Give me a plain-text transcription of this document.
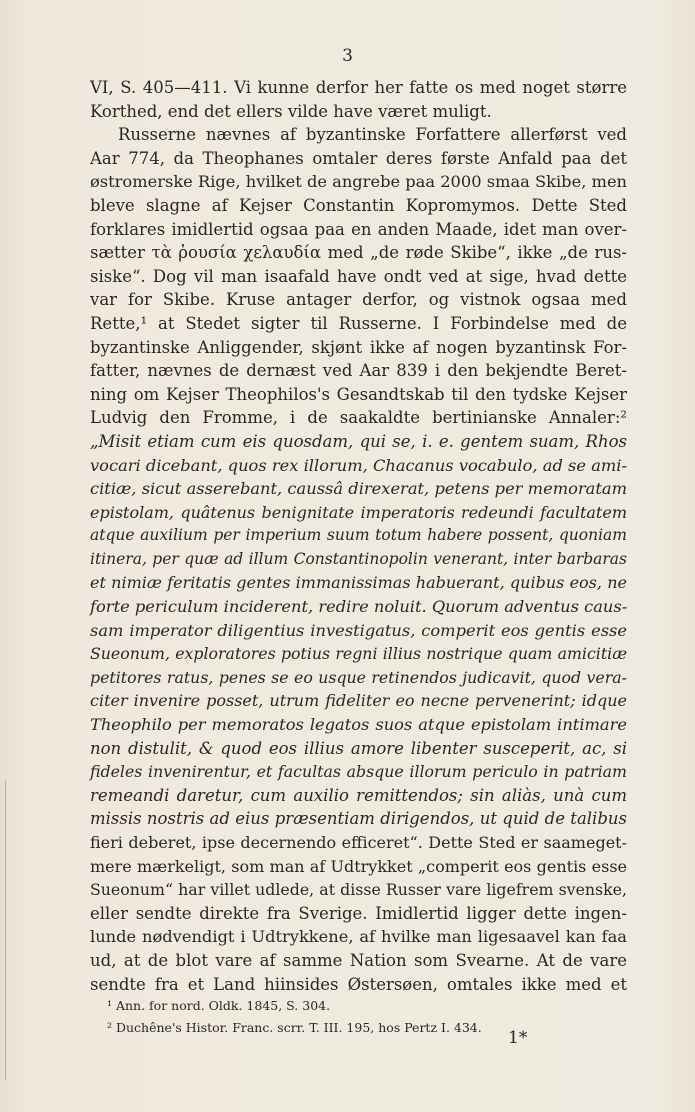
3
VI, S. 405—411. Vi kunne derfor her fatte os med noget større
Korthed, end det ellers vilde have været muligt.
Russerne nævnes af byzantinske Forfattere allerførst ved
Aar 774, da Theophanes omtaler deres første Anfald paa det
østromerske Rige, hvilket de angrebe paa 2000 smaa Skibe, men
bleve slagne af Kejser Constantin Kopromymos. Dette Sted
forklares imidlertid ogsaa paa en anden Maade, idet man over-
sætter τὰ ῥουσία χελαυδία med „de røde Skibe“, ikke „de rus-
siske“. Dog vil man isaafald have ondt ved at sige, hvad dette
var for Skibe. Kruse antager derfor, og vistnok ogsaa med
Rette,¹ at Stedet sigter til Russerne. I Forbindelse med de
byzantinske Anliggender, skjønt ikke af nogen byzantinsk For-
fatter, nævnes de dernæst ved Aar 839 i den bekjendte Beret-
ning om Kejser Theophilos's Gesandtskab til den tydske Kejser
Ludvig den Fromme, i de saakaldte bertinianske Annaler:²
„Misit etiam cum eis quosdam, qui se, i. e. gentem suam, Rhos
vocari dicebant, quos rex illorum, Chacanus vocabulo, ad se ami-
citiæ, sicut asserebant, caussâ direxerat, petens per memoratam
epistolam, quâtenus benignitate imperatoris redeundi facultatem
atque auxilium per imperium suum totum habere possent, quoniam
itinera, per quæ ad illum Constantinopolin venerant, inter barbaras
et nimiæ feritatis gentes immanissimas habuerant, quibus eos, ne
forte periculum inciderent, redire noluit. Quorum adventus caus-
sam imperator diligentius investigatus, comperit eos gentis esse
Sueonum, exploratores potius regni illius nostrique quam amicitiæ
petitores ratus, penes se eo usque retinendos judicavit, quod vera-
citer invenire posset, utrum fideliter eo necne pervenerint; idque
Theophilo per memoratos legatos suos atque epistolam intimare
non distulit, & quod eos illius amore libenter susceperit, ac, si
fideles invenirentur, et facultas absque illorum periculo in patriam
remeandi daretur, cum auxilio remittendos; sin aliàs, unà cum
missis nostris ad eius præsentiam dirigendos, ut quid de talibus
fieri deberet, ipse decernendo efficeret“. Dette Sted er saameget-
mere mærkeligt, som man af Udtrykket „comperit eos gentis esse
Sueonum“ har villet udlede, at disse Russer vare ligefrem svenske,
eller sendte direkte fra Sverige. Imidlertid ligger dette ingen-
lunde nødvendigt i Udtrykkene, af hvilke man ligesaavel kan faa
ud, at de blot vare af samme Nation som Svearne. At de vare
sendte fra et Land hiinsides Østersøen, omtales ikke med et
¹ Ann. for nord. Oldk. 1845, S. 304.
² Duchêne's Histor. Franc. scrr. T. III. 195, hos Pertz I. 434.
1*
